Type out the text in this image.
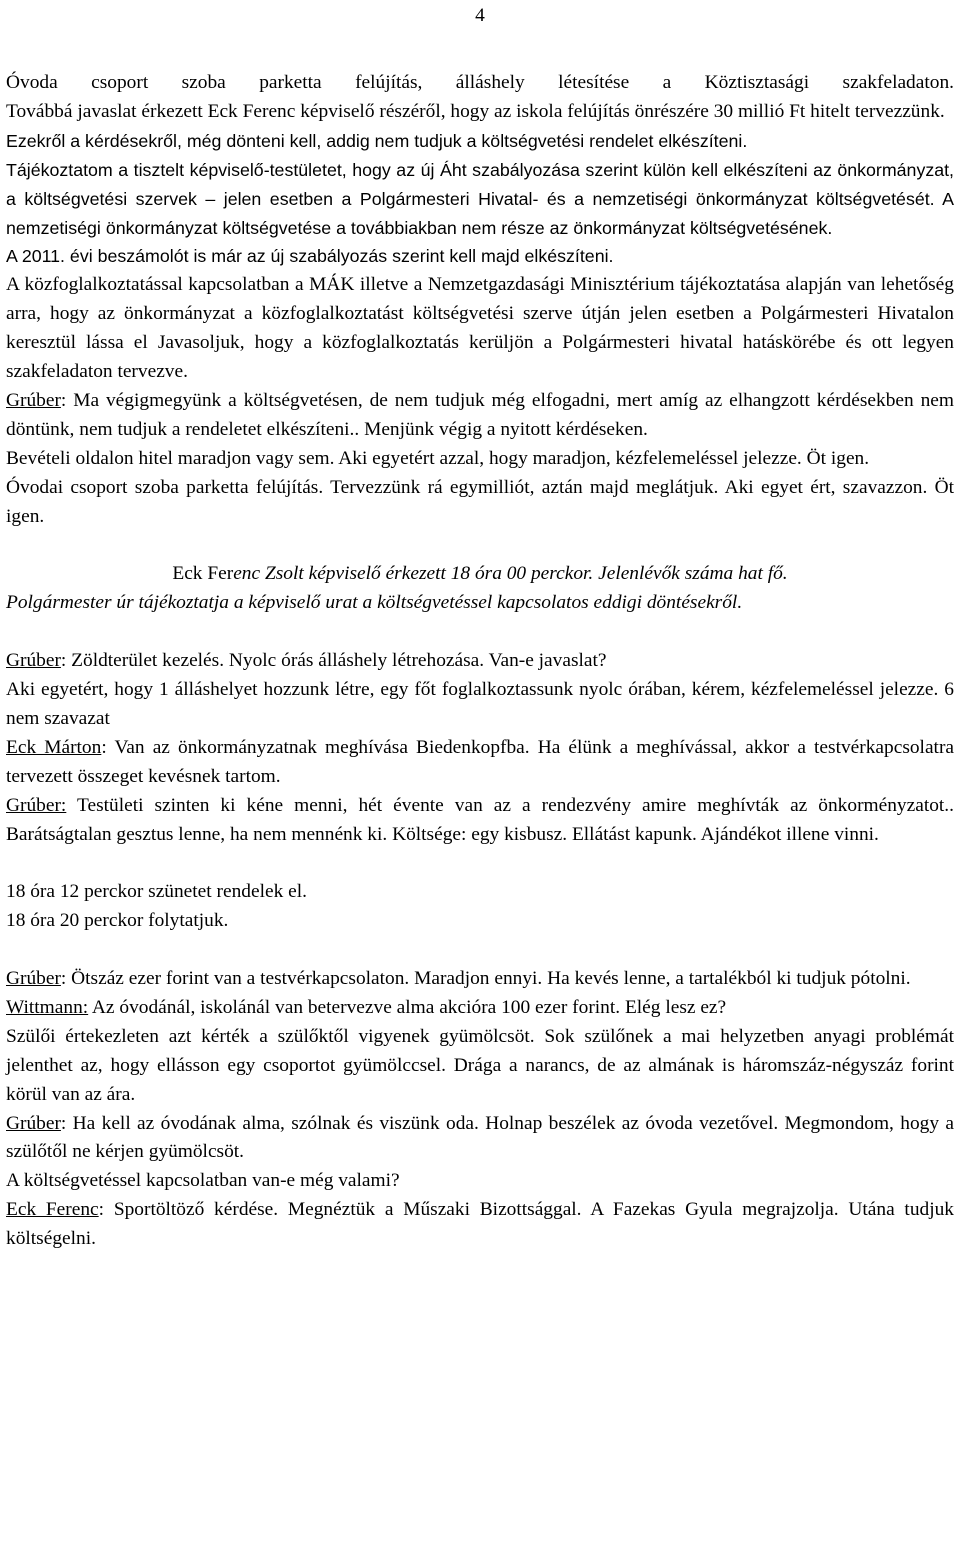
4

Óvoda csoport szoba parketta felújítás, álláshely létesítése a Köztisztasági szakfeladaton.

Továbbá javaslat érkezett Eck Ferenc képviselő részéről, hogy az iskola felújítás önrészére 30 millió Ft hitelt tervezzünk.

Ezekről a kérdésekről, még dönteni kell, addig nem tudjuk a költségvetési rendelet elkészíteni.

Tájékoztatom a tisztelt képviselő-testületet, hogy az új Áht szabályozása szerint külön kell elkészíteni az önkormányzat, a költségvetési szervek – jelen esetben a Polgármesteri Hivatal- és a nemzetiségi önkormányzat költségvetését. A nemzetiségi önkormányzat költségvetése a továbbiakban nem része az önkormányzat költségvetésének.

A 2011. évi beszámolót is már az új szabályozás szerint kell majd elkészíteni.

A közfoglalkoztatással kapcsolatban a MÁK illetve a Nemzetgazdasági Minisztérium tájékoztatása alapján van lehetőség arra, hogy az önkormányzat a közfoglalkoztatást költségvetési szerve útján jelen esetben a Polgármesteri Hivatalon keresztül lássa el Javasoljuk, hogy a közfoglalkoztatás kerüljön a Polgármesteri hivatal hatáskörébe és ott legyen szakfeladaton tervezve.

Grúber: Ma végigmegyünk a költségvetésen, de nem tudjuk még elfogadni, mert amíg az elhangzott kérdésekben nem döntünk, nem tudjuk a rendeletet elkészíteni.. Menjünk végig a nyitott kérdéseken.

Bevételi oldalon hitel maradjon vagy sem. Aki egyetért azzal, hogy maradjon, kézfelemeléssel jelezze. Öt igen.

Óvodai csoport szoba parketta felújítás. Tervezzünk rá egymilliót, aztán majd meglátjuk. Aki egyet ért, szavazzon. Öt igen.

Eck Ferenc Zsolt képviselő érkezett 18 óra 00 perckor. Jelenlévők száma hat fő.

Polgármester úr tájékoztatja a képviselő urat a költségvetéssel kapcsolatos eddigi döntésekről.

Grúber: Zöldterület kezelés. Nyolc órás álláshely létrehozása. Van-e javaslat?

Aki egyetért, hogy 1 álláshelyet hozzunk létre, egy főt foglalkoztassunk nyolc órában, kérem, kézfelemeléssel jelezze. 6 nem szavazat

Eck Márton: Van az önkormányzatnak meghívása Biedenkopfba. Ha élünk a meghívással, akkor a testvérkapcsolatra tervezett összeget kevésnek tartom.

Grúber: Testületi szinten ki kéne menni, hét évente van az a rendezvény amire meghívták az önkorményzatot.. Barátságtalan gesztus lenne, ha nem mennénk ki. Költsége: egy kisbusz. Ellátást kapunk. Ajándékot illene vinni.

18 óra 12 perckor szünetet rendelek el.

18 óra 20 perckor folytatjuk.

Grúber: Ötszáz ezer forint van a testvérkapcsolaton. Maradjon ennyi. Ha kevés lenne, a tartalékból ki tudjuk pótolni.

Wittmann: Az óvodánál, iskolánál van betervezve alma akcióra 100 ezer forint. Elég lesz ez?

Szülői értekezleten azt kérték a szülőktől vigyenek gyümölcsöt. Sok szülőnek a mai helyzetben anyagi problémát jelenthet az, hogy ellásson egy csoportot gyümölccsel. Drága a narancs, de az almának is háromszáz-négyszáz forint körül van az ára.

Grúber: Ha kell az óvodának alma, szólnak és viszünk oda. Holnap beszélek az óvoda vezetővel. Megmondom, hogy a szülőtől ne kérjen gyümölcsöt.

A költségvetéssel kapcsolatban van-e még valami?

Eck Ferenc: Sportöltöző kérdése. Megnéztük a Műszaki Bizottsággal. A Fazekas Gyula megrajzolja. Utána tudjuk költségelni.
